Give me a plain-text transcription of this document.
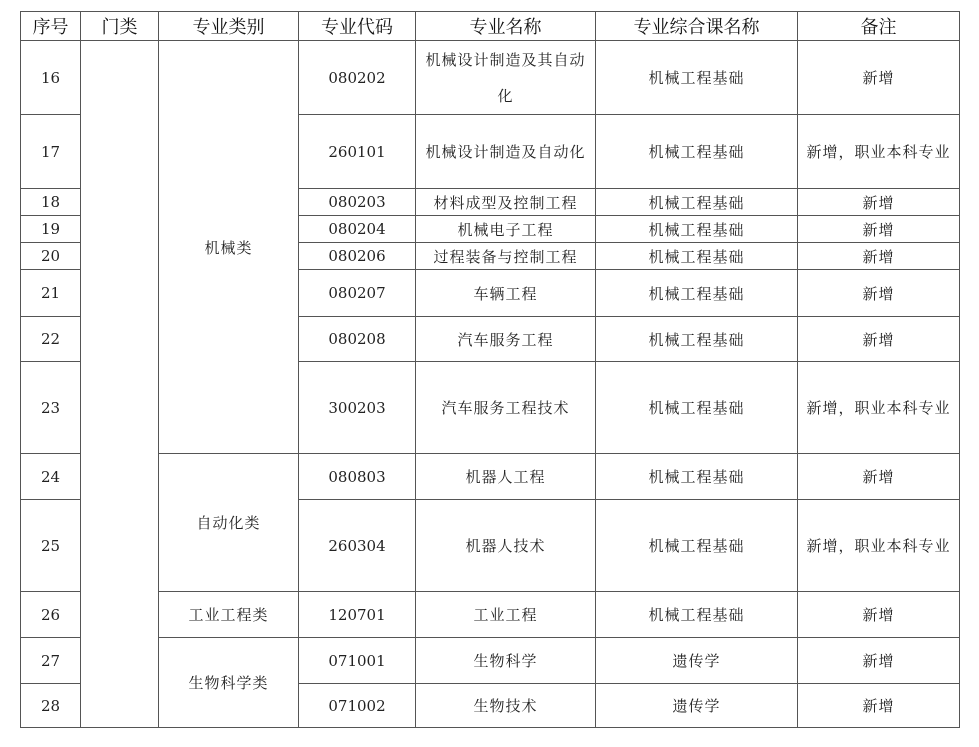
序号	门类	专业类别	专业代码	专业名称	专业综合课名称	备注
16		机械类	080202	机械设计制造及其自动化	机械工程基础	新增
17			260101	机械设计制造及自动化	机械工程基础	新增，职业本科专业

18			080203	材料成型及控制工程	机械工程基础	新增
19			080204	机械电子工程	机械工程基础	新增
20			080206	过程装备与控制工程	机械工程基础	新增
21			080207	车辆工程	机械工程基础	新增
22			080208	汽车服务工程	机械工程基础	新增
23			300203	汽车服务工程技术	机械工程基础	新增，职业本科专业

24		自动化类	080803	机器人工程	机械工程基础	新增
25			260304	机器人技术	机械工程基础	新增，职业本科专业

26		工业工程类	120701	工业工程	机械工程基础	新增
27		生物科学类	071001	生物科学	遗传学	新增
28			071002	生物技术	遗传学	新增
